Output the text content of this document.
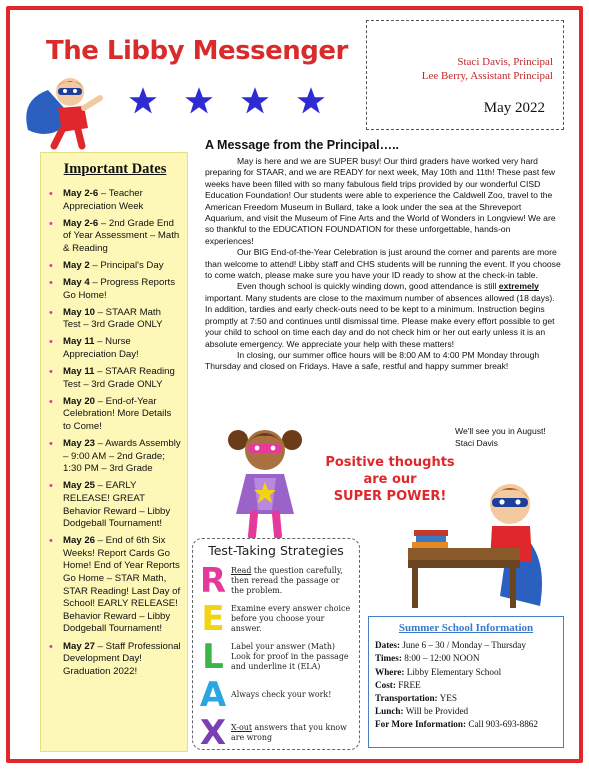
The Libby Messenger	Staci Davis, Principal
Lee Berry, Assistant Principal
May 2022
Important Dates
• May 2-6 – Teacher Appreciation Week
• May 2-6 – 2nd Grade End of Year Assessment – Math & Reading
• May 2 – Principal's Day
• May 4 – Progress Reports Go Home!
• May 10 – STAAR Math Test – 3rd Grade ONLY
• May 11 – Nurse Appreciation Day!
• May 11 – STAAR Reading Test – 3rd Grade ONLY
• May 20 – End-of-Year Celebration! More Details to Come!
• May 23 – Awards Assembly – 9:00 AM – 2nd Grade; 1:30 PM – 3rd Grade
• May 25 – EARLY RELEASE! GREAT Behavior Reward – Libby Dodgeball Tournament!
• May 26 – End of 6th Six Weeks! Report Cards Go Home! End of Year Reports Go Home – STAR Math, STAR Reading! Last Day of School! EARLY RELEASE! Behavior Reward – Libby Dodgeball Tournament!
• May 27 – Staff Professional Development Day! Graduation 2022!
A Message from the Principal…..

May is here and we are SUPER busy! Our third graders have worked very hard preparing for STAAR, and we are READY for next week, May 10th and 11th! These past few weeks have been filled with so many fabulous field trips provided by our wonderful CISD Education Foundation! Our students were able to experience the Caldwell Zoo, travel to the American Freedom Museum in Bullard, take a look under the sea at the Shreveport Aquarium, and visit the Museum of Fine Arts and the World of Wonders in Longview! We are so thankful to the EDUCATION FOUNDATION for these unforgettable, hands-on experiences!

Our BIG End-of-the-Year Celebration is just around the corner and parents are more than welcome to attend! Libby staff and CHS students will be running the event. If you choose to come watch, please make sure you have your ID ready to show at the check-in table.

Even though school is quickly winding down, good attendance is still extremely important. Many students are close to the maximum number of absences allowed (18 days). In addition, tardies and early check-outs need to be kept to a minimum. Instruction begins promptly at 7:50 and continues until dismissal time. Please make every effort possible to get your child to school on time each day and do not check him or her out early unless it is an absolute emergency. We appreciate your help with these matters!

In closing, our summer office hours will be 8:00 AM to 4:00 PM Monday through Thursday and closed on Fridays. Have a safe, restful and happy summer break!

We'll see you in August!
Staci Davis
Positive thoughts
are our
SUPER POWER!
Test-Taking Strategies
R Read the question carefully, then reread the passage or the problem.
E Examine every answer choice before you choose your answer.
L Label your answer (Math) Look for proof in the passage and underline it (ELA)
A Always check your work!
X X-out answers that you know are wrong
Summer School Information
Dates: June 6 – 30 / Monday – Thursday
Times: 8:00 – 12:00 NOON
Where: Libby Elementary School
Cost: FREE
Transportation: YES
Lunch: Will be Provided
For More Information: Call 903-693-8862
